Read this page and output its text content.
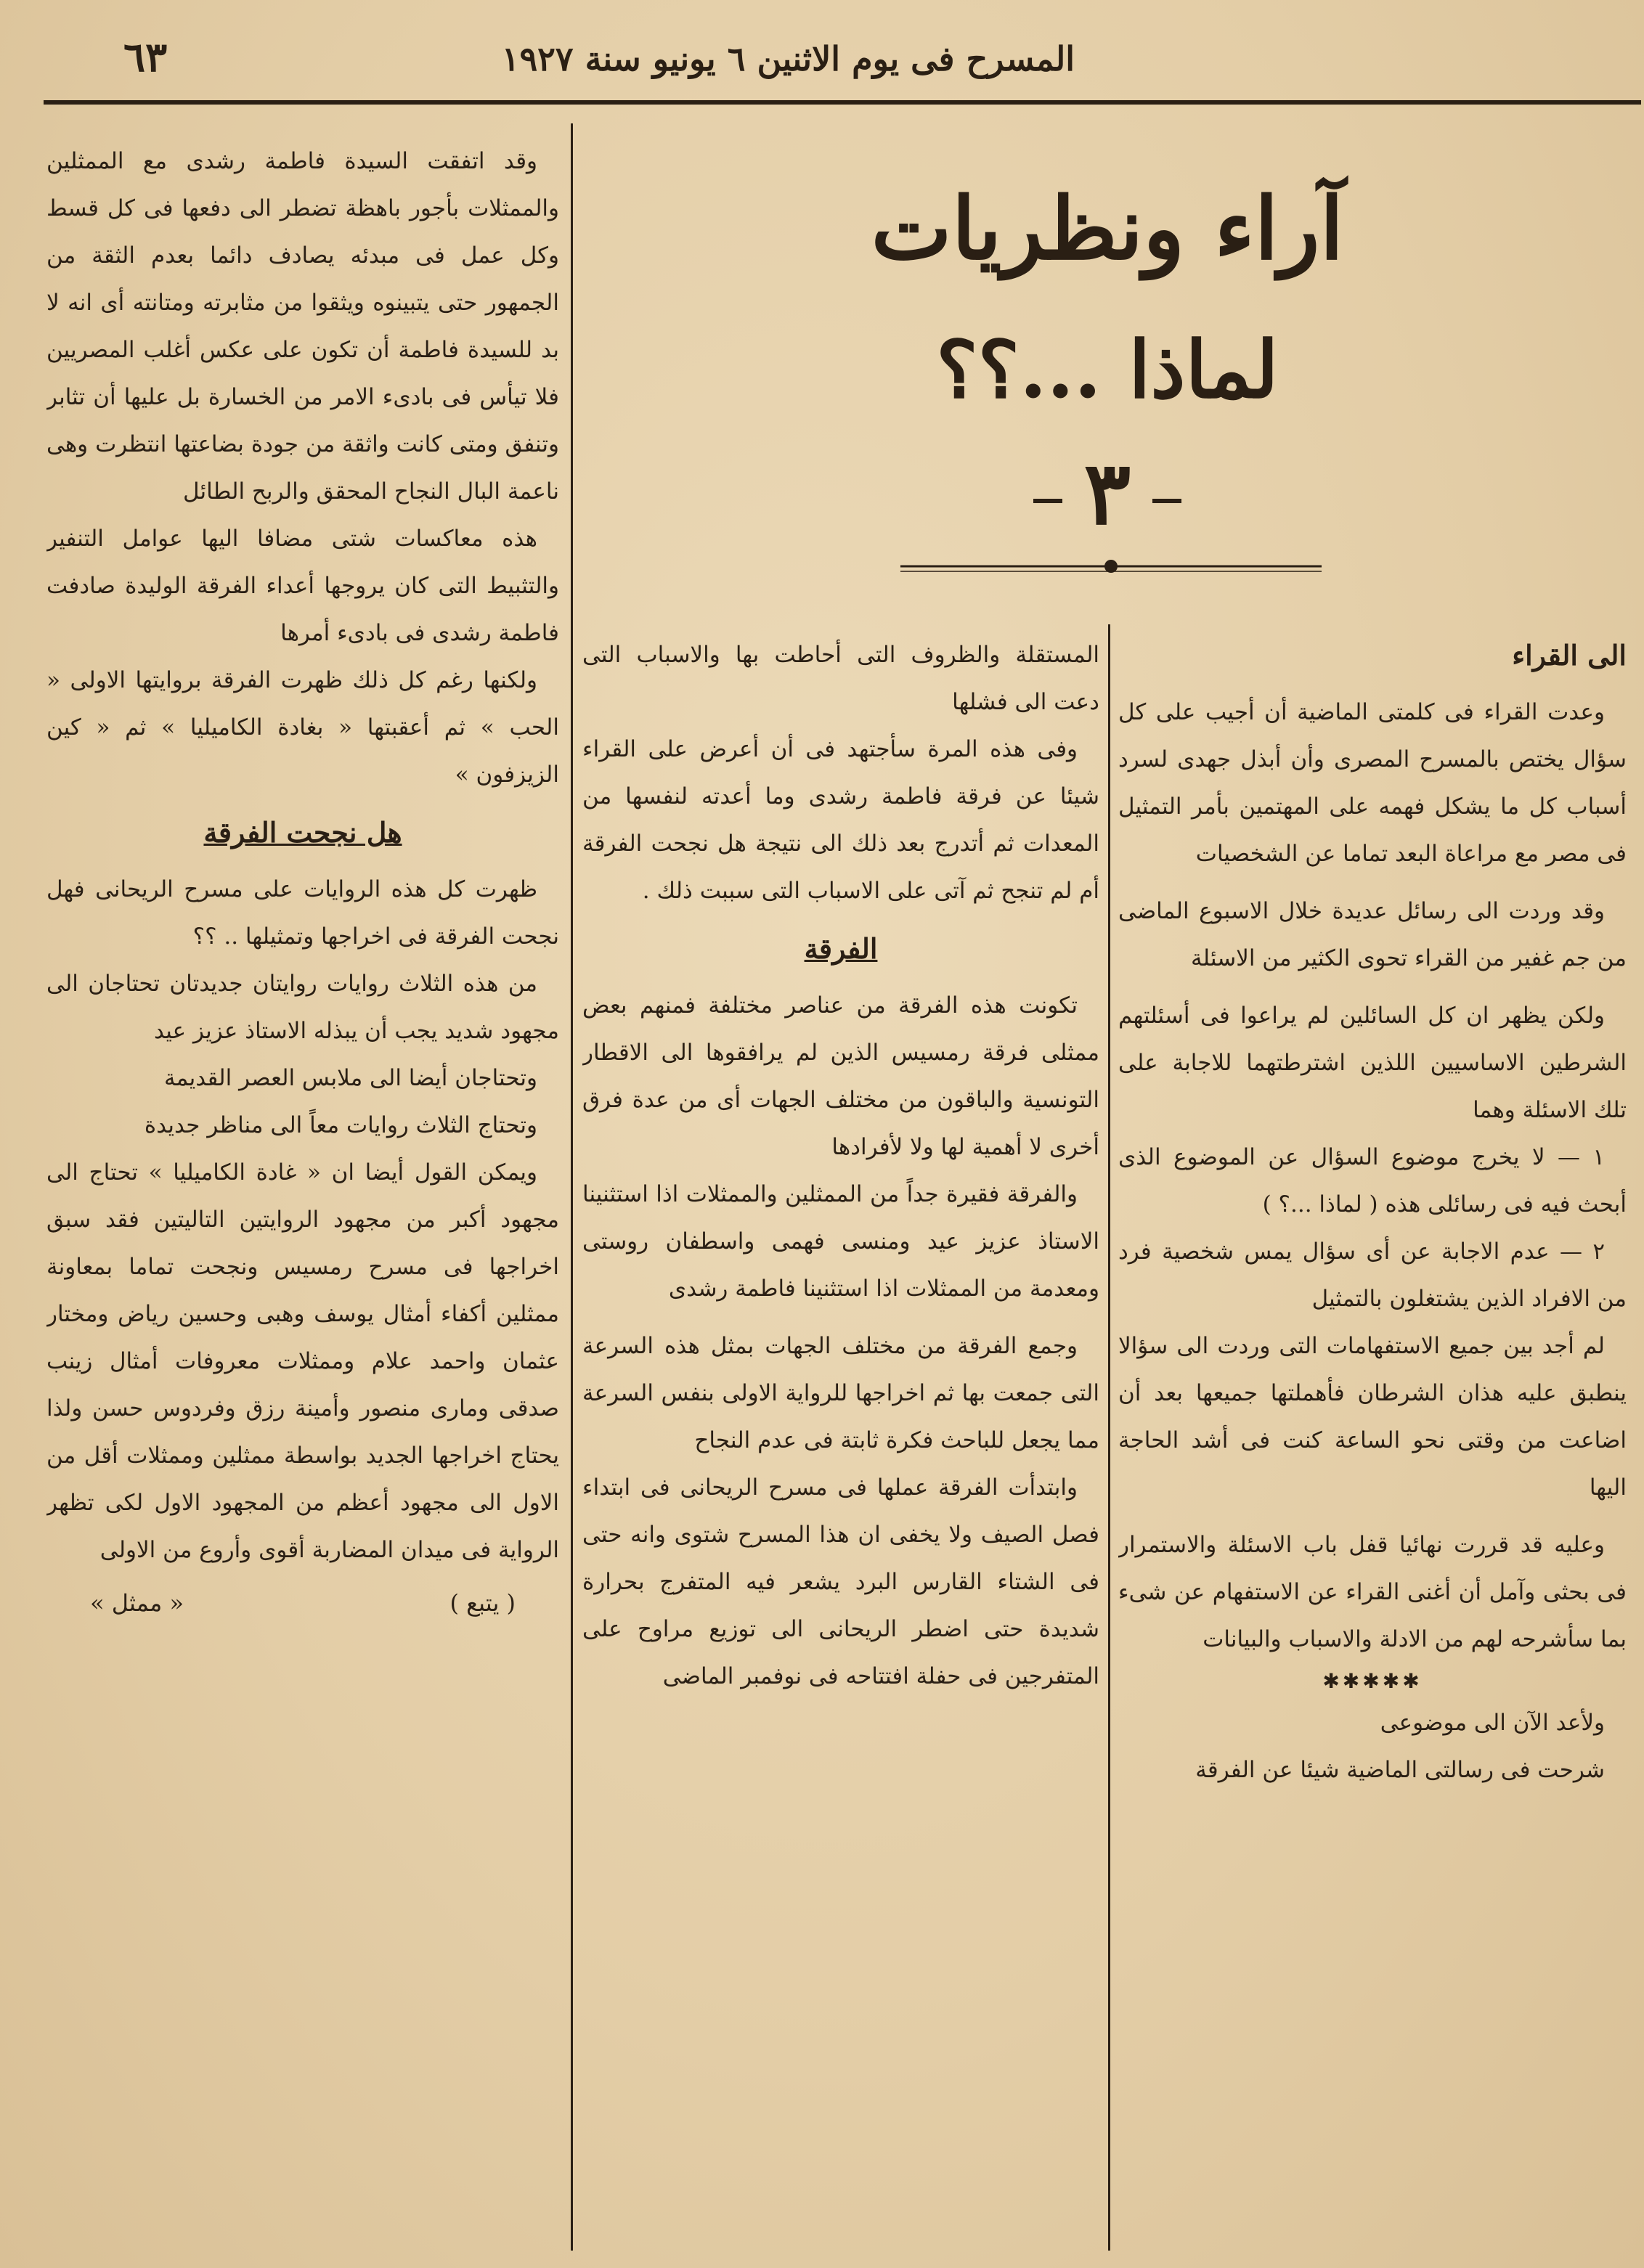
المسرح فى يوم الاثنين ٦ يونيو سنة ١٩٢٧
٦٣
آراء ونظريات
لماذا ...؟؟
٣
الى القراء

وعدت القراء فى كلمتى الماضية أن أجيب على كل سؤال يختص بالمسرح المصرى وأن أبذل جهدى لسرد أسباب كل ما يشكل فهمه على المهتمين بأمر التمثيل فى مصر مع مراعاة البعد تماما عن الشخصيات

وقد وردت الى رسائل عديدة خلال الاسبوع الماضى من جم غفير من القراء تحوى الكثير من الاسئلة

ولكن يظهر ان كل السائلين لم يراعوا فى أسئلتهم الشرطين الاساسيين اللذين اشترطتهما للاجابة على تلك الاسئلة وهما

١ — لا يخرج موضوع السؤال عن الموضوع الذى أبحث فيه فى رسائلى هذه ( لماذا ...؟ )

٢ — عدم الاجابة عن أى سؤال يمس شخصية فرد من الافراد الذين يشتغلون بالتمثيل

لم أجد بين جميع الاستفهامات التى وردت الى سؤالا ينطبق عليه هذان الشرطان فأهملتها جميعها بعد أن اضاعت من وقتى نحو الساعة كنت فى أشد الحاجة اليها

وعليه قد قررت نهائيا قفل باب الاسئلة والاستمرار فى بحثى وآمل أن أغنى القراء عن الاستفهام عن شىء بما سأشرحه لهم من الادلة والاسباب والبيانات

✱✱✱✱✱

ولأعد الآن الى موضوعى

شرحت فى رسالتى الماضية شيئا عن الفرقة

المستقلة والظروف التى أحاطت بها والاسباب التى دعت الى فشلها

وفى هذه المرة سأجتهد فى أن أعرض على القراء شيئا عن فرقة فاطمة رشدى وما أعدته لنفسها من المعدات ثم أتدرج بعد ذلك الى نتيجة هل نجحت الفرقة أم لم تنجح ثم آتى على الاسباب التى سببت ذلك .

الفرقة

تكونت هذه الفرقة من عناصر مختلفة فمنهم بعض ممثلى فرقة رمسيس الذين لم يرافقوها الى الاقطار التونسية والباقون من مختلف الجهات أى من عدة فرق أخرى لا أهمية لها ولا لأفرادها

والفرقة فقيرة جداً من الممثلين والممثلات اذا استثنينا الاستاذ عزيز عيد ومنسى فهمى واسطفان روستى ومعدمة من الممثلات اذا استثنينا فاطمة رشدى

وجمع الفرقة من مختلف الجهات بمثل هذه السرعة التى جمعت بها ثم اخراجها للرواية الاولى بنفس السرعة مما يجعل للباحث فكرة ثابتة فى عدم النجاح

وابتدأت الفرقة عملها فى مسرح الريحانى فى ابتداء فصل الصيف ولا يخفى ان هذا المسرح شتوى وانه حتى فى الشتاء القارس البرد يشعر فيه المتفرج بحرارة شديدة حتى اضطر الريحانى الى توزيع مراوح على المتفرجين فى حفلة افتتاحه فى نوفمبر الماضى

وقد اتفقت السيدة فاطمة رشدى مع الممثلين والممثلات بأجور باهظة تضطر الى دفعها فى كل قسط وكل عمل فى مبدئه يصادف دائما بعدم الثقة من الجمهور حتى يتبينوه ويثقوا من مثابرته ومتانته أى انه لا بد للسيدة فاطمة أن تكون على عكس أغلب المصريين فلا تيأس فى بادىء الامر من الخسارة بل عليها أن تثابر وتنفق ومتى كانت واثقة من جودة بضاعتها انتظرت وهى ناعمة البال النجاح المحقق والربح الطائل

هذه معاكسات شتى مضافا اليها عوامل التنفير والتثبيط التى كان يروجها أعداء الفرقة الوليدة صادفت فاطمة رشدى فى بادىء أمرها

ولكنها رغم كل ذلك ظهرت الفرقة بروايتها الاولى « الحب » ثم أعقبتها « بغادة الكاميليا » ثم « كين الزيزفون »

هل نجحت الفرقة

ظهرت كل هذه الروايات على مسرح الريحانى فهل نجحت الفرقة فى اخراجها وتمثيلها .. ؟؟

من هذه الثلاث روايات روايتان جديدتان تحتاجان الى مجهود شديد يجب أن يبذله الاستاذ عزيز عيد

وتحتاجان أيضا الى ملابس العصر القديمة

وتحتاج الثلاث روايات معاً الى مناظر جديدة

ويمكن القول أيضا ان « غادة الكاميليا » تحتاج الى مجهود أكبر من مجهود الروايتين التاليتين فقد سبق اخراجها فى مسرح رمسيس ونجحت تماما بمعاونة ممثلين أكفاء أمثال يوسف وهبى وحسين رياض ومختار عثمان واحمد علام وممثلات معروفات أمثال زينب صدقى ومارى منصور وأمينة رزق وفردوس حسن ولذا يحتاج اخراجها الجديد بواسطة ممثلين وممثلات أقل من الاول الى مجهود أعظم من المجهود الاول لكى تظهر الرواية فى ميدان المضاربة أقوى وأروع من الاولى

( يتبع )
« ممثل »
